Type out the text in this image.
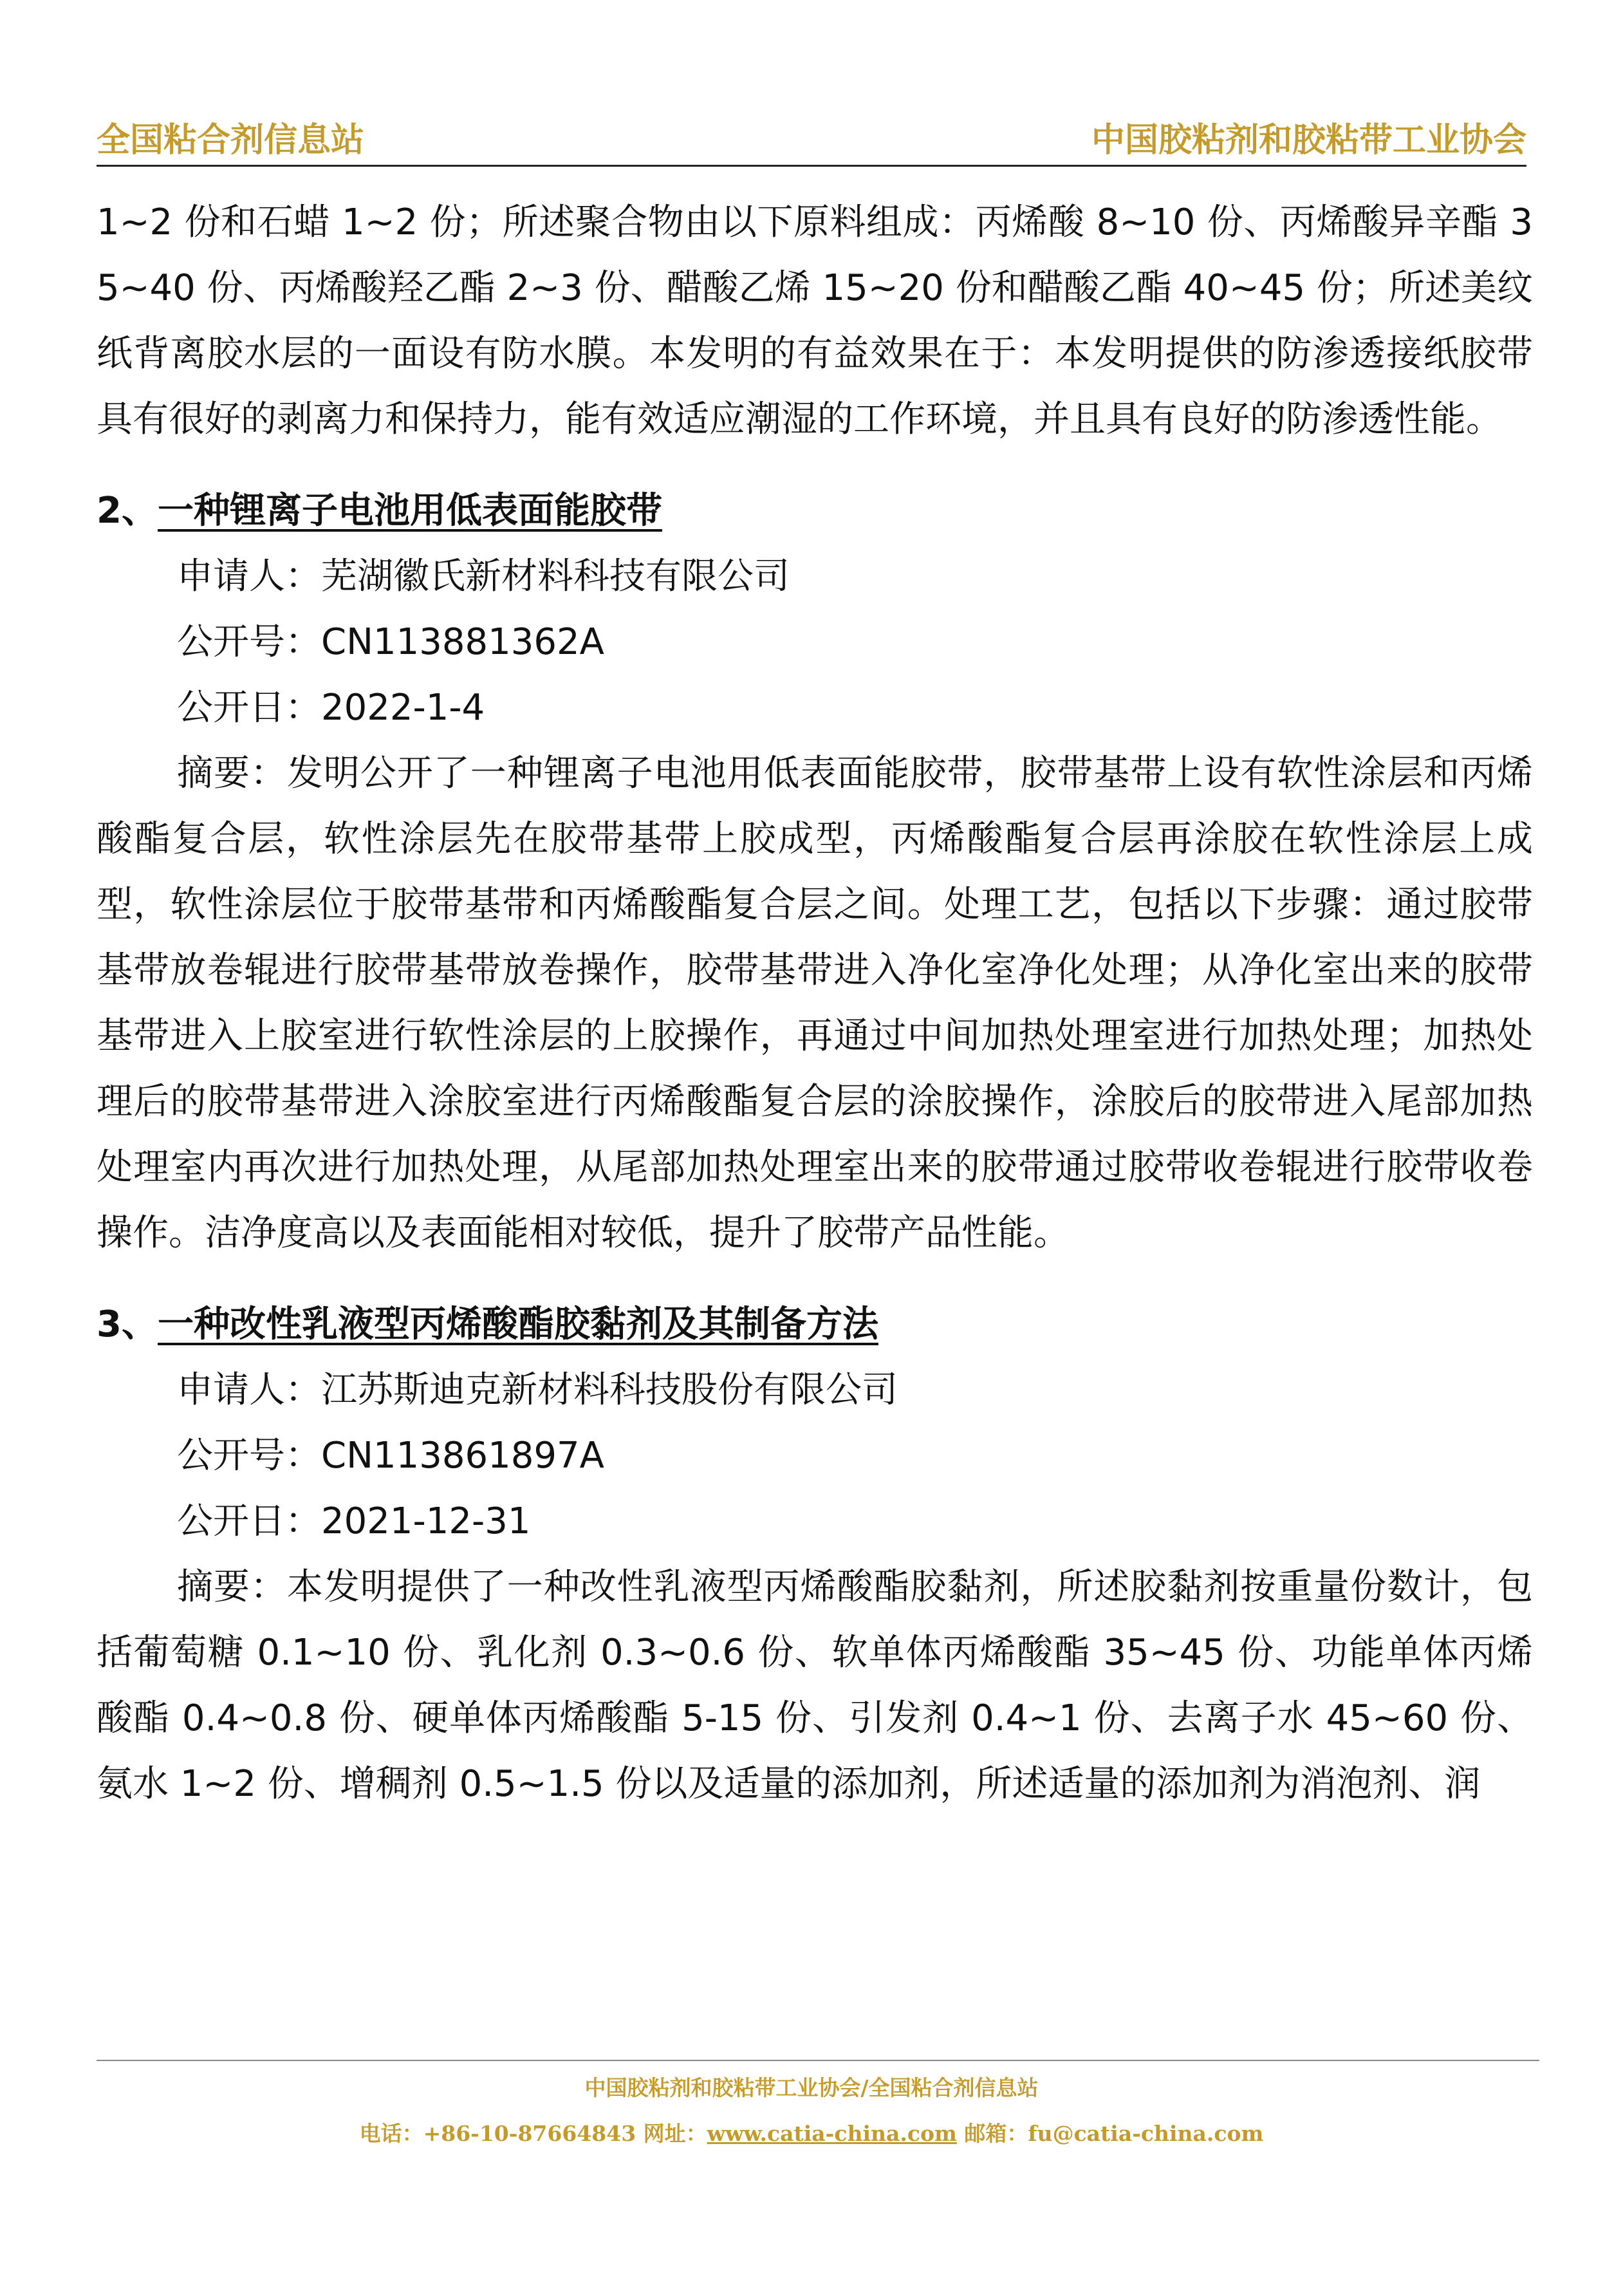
全国粘合剂信息站	中国胶粘剂和胶粘带工业协会

1~2 份和石蜡 1~2 份；所述聚合物由以下原料组成：丙烯酸 8~10 份、丙烯酸异辛酯 35~40 份、丙烯酸羟乙酯 2~3 份、醋酸乙烯 15~20 份和醋酸乙酯 40~45 份；所述美纹纸背离胶水层的一面设有防水膜。本发明的有益效果在于：本发明提供的防渗透接纸胶带具有很好的剥离力和保持力，能有效适应潮湿的工作环境，并且具有良好的防渗透性能。

2、一种锂离子电池用低表面能胶带

申请人：芜湖徽氏新材料科技有限公司

公开号：CN113881362A

公开日：2022-1-4

摘要：发明公开了一种锂离子电池用低表面能胶带，胶带基带上设有软性涂层和丙烯酸酯复合层，软性涂层先在胶带基带上胶成型，丙烯酸酯复合层再涂胶在软性涂层上成型，软性涂层位于胶带基带和丙烯酸酯复合层之间。处理工艺，包括以下步骤：通过胶带基带放卷辊进行胶带基带放卷操作，胶带基带进入净化室净化处理；从净化室出来的胶带基带进入上胶室进行软性涂层的上胶操作，再通过中间加热处理室进行加热处理；加热处理后的胶带基带进入涂胶室进行丙烯酸酯复合层的涂胶操作，涂胶后的胶带进入尾部加热处理室内再次进行加热处理，从尾部加热处理室出来的胶带通过胶带收卷辊进行胶带收卷操作。洁净度高以及表面能相对较低，提升了胶带产品性能。

3、一种改性乳液型丙烯酸酯胶黏剂及其制备方法

申请人：江苏斯迪克新材料科技股份有限公司

公开号：CN113861897A

公开日：2021-12-31

摘要：本发明提供了一种改性乳液型丙烯酸酯胶黏剂，所述胶黏剂按重量份数计，包括葡萄糖 0.1~10 份、乳化剂 0.3~0.6 份、软单体丙烯酸酯 35~45 份、功能单体丙烯酸酯 0.4~0.8 份、硬单体丙烯酸酯 5-15 份、引发剂 0.4~1 份、去离子水 45~60 份、氨水 1~2 份、增稠剂 0.5~1.5 份以及适量的添加剂，所述适量的添加剂为消泡剂、润

中国胶粘剂和胶粘带工业协会/全国粘合剂信息站
电话：+86-10-87664843 网址：www.catia-china.com 邮箱：fu@catia-china.com
